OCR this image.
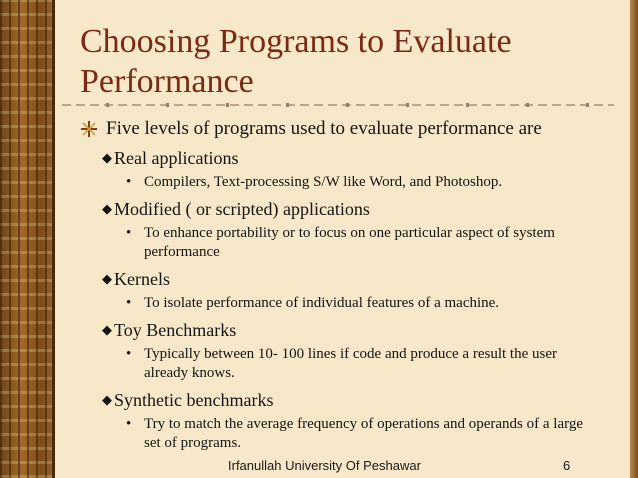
Choosing Programs to Evaluate
Performance
Five levels of programs used to evaluate performance are
◆ Real applications
• Compilers, Text-processing S/W like Word, and Photoshop.
◆ Modified ( or scripted) applications
• To enhance portability or to focus on one particular aspect of system performance
◆ Kernels
• To isolate performance of individual features of a machine.
◆ Toy Benchmarks
• Typically between 10- 100 lines if code and produce a result the user already knows.
◆ Synthetic benchmarks
• Try to match the average frequency of operations and operands of a large set of programs.
Irfanullah University Of Peshawar	6
